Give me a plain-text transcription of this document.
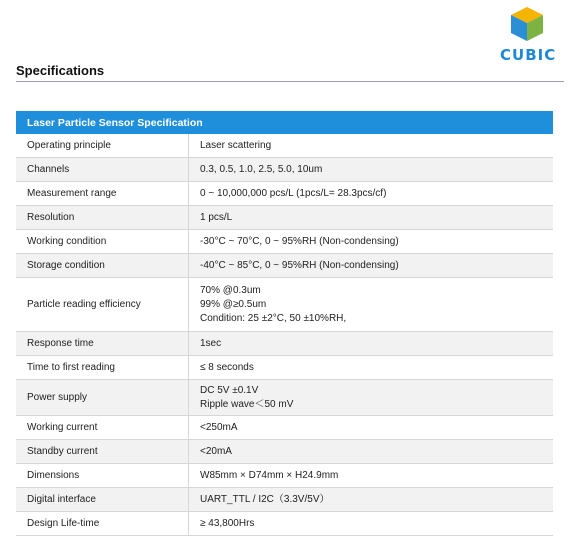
CUBIC
Specifications
Laser Particle Sensor Specification	
Operating principle	Laser scattering

Channels	0.3, 0.5, 1.0, 2.5, 5.0, 10um

Measurement range	0 ~ 10,000,000 pcs/L (1pcs/L= 28.3pcs/cf)

Resolution	1 pcs/L

Working condition	-30°C ~ 70°C, 0 ~ 95%RH (Non-condensing)

Storage condition	-40°C ~ 85°C, 0 ~ 95%RH (Non-condensing)

Particle reading efficiency	70% @0.3um
99% @≥0.5um
Condition: 25 ±2°C, 50 ±10%RH,

Response time	1sec

Time to first reading	≤ 8 seconds

Power supply	DC 5V ±0.1V
Ripple wave＜50 mV

Working current	<250mA

Standby current	<20mA

Dimensions	W85mm × D74mm × H24.9mm

Digital interface	UART_TTL / I2C（3.3V/5V）

Design Life-time	≥ 43,800Hrs
